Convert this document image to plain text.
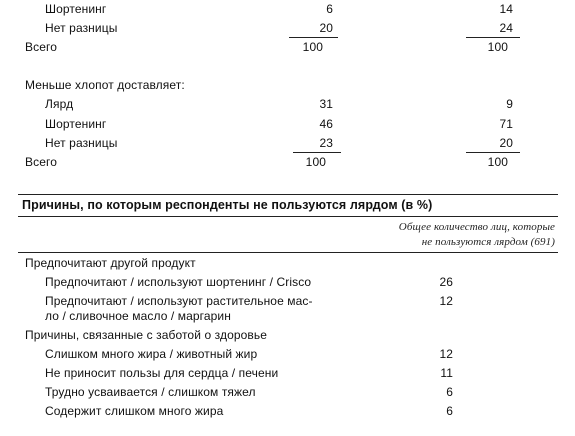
Шортенинг	6	14
Нет разницы	20	24
Всего	100	100
Меньше хлопот доставляет:
Лярд	31	9
Шортенинг	46	71
Нет разницы	23	20
Всего	100	100
Причины, по которым респонденты не пользуются лярдом (в %)
Общее количество лиц, которые
не пользуются лярдом (691)
Предпочитают другой продукт
Предпочитают / используют шортенинг / Crisco	26
Предпочитают / используют растительное мас-	12
ло / сливочное масло / маргарин
Причины, связанные с заботой о здоровье
Слишком много жира / животный жир	12
Не приносит пользы для сердца / печени	11
Трудно усваивается / слишком тяжел	6
Содержит слишком много жира	6
